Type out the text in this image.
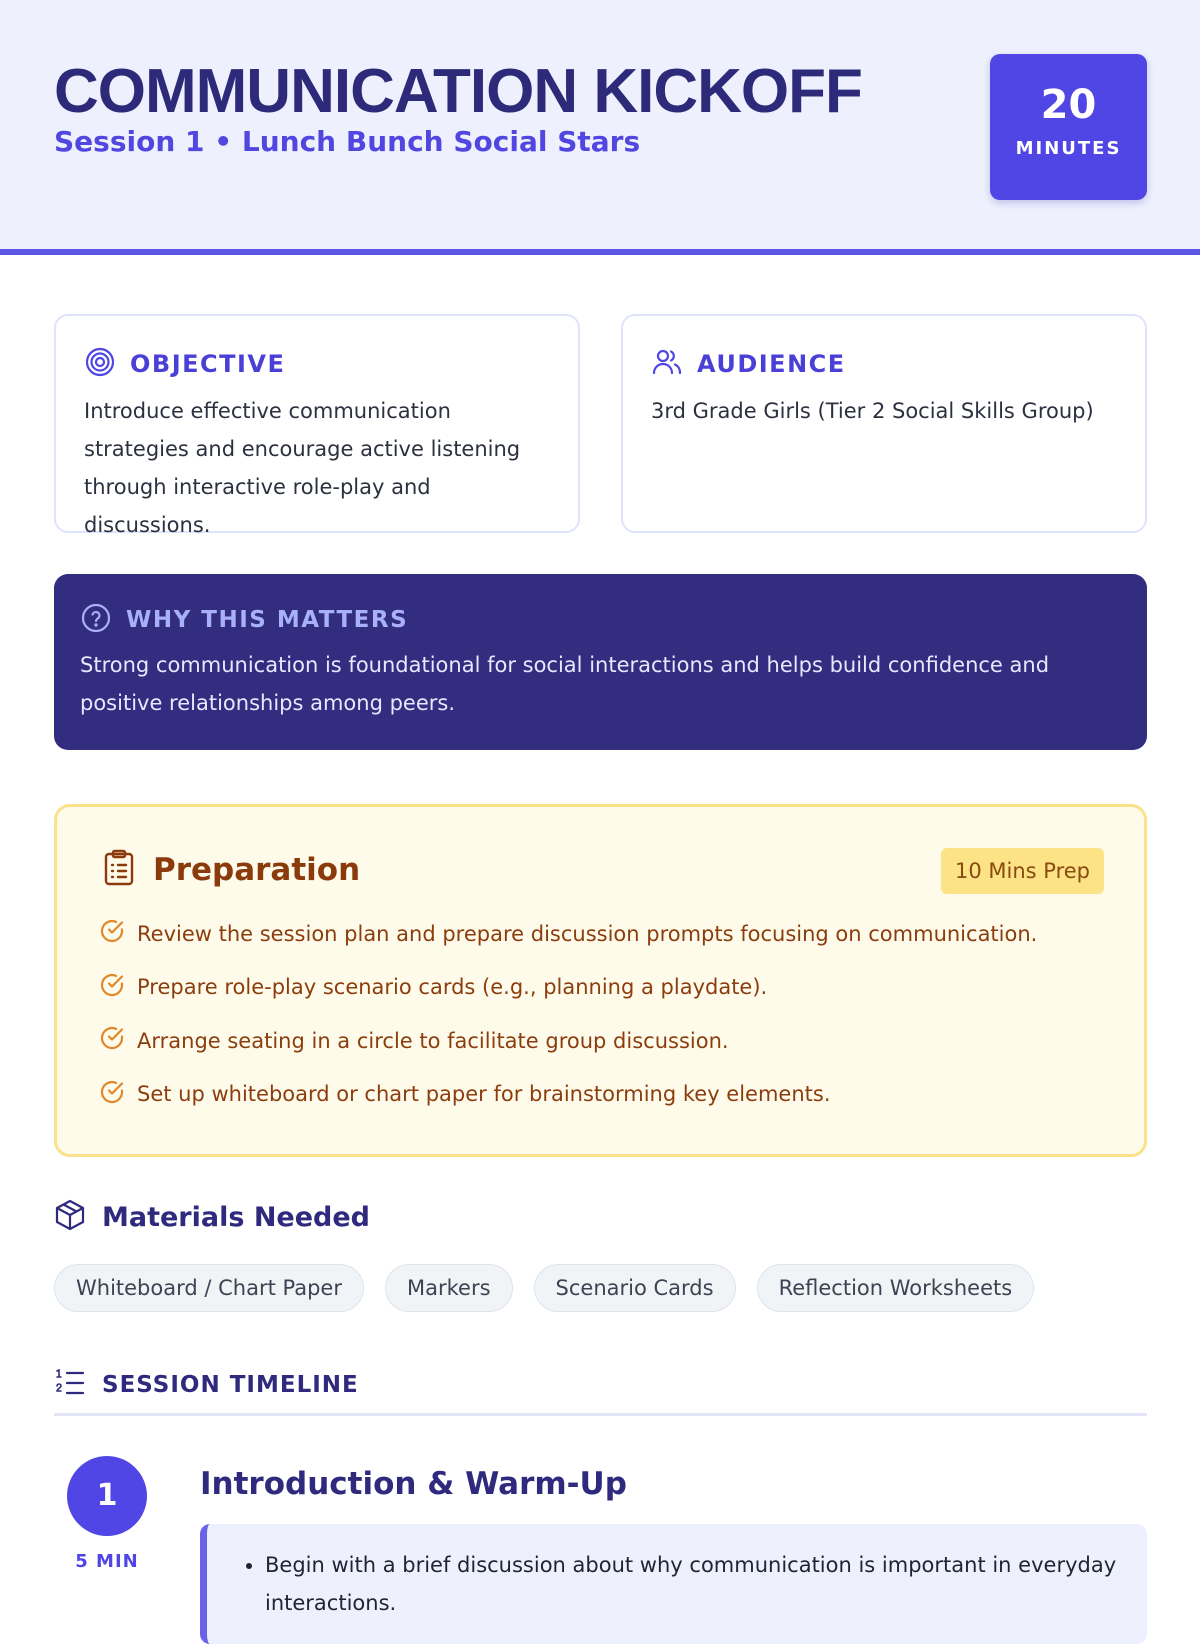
COMMUNICATION KICKOFF
Session 1 • Lunch Bunch Social Stars
20
MINUTES
OBJECTIVE
Introduce effective communication strategies and encourage active listening through interactive role-play and discussions.
AUDIENCE
3rd Grade Girls (Tier 2 Social Skills Group)
WHY THIS MATTERS
Strong communication is foundational for social interactions and helps build confidence and positive relationships among peers.
Preparation	10 Mins Prep
Review the session plan and prepare discussion prompts focusing on communication.
Prepare role-play scenario cards (e.g., planning a playdate).
Arrange seating in a circle to facilitate group discussion.
Set up whiteboard or chart paper for brainstorming key elements.
Materials Needed
Whiteboard / Chart Paper	Markers	Scenario Cards	Reflection Worksheets
SESSION TIMELINE
1
5 MIN
Introduction & Warm-Up
• Begin with a brief discussion about why communication is important in everyday interactions.
